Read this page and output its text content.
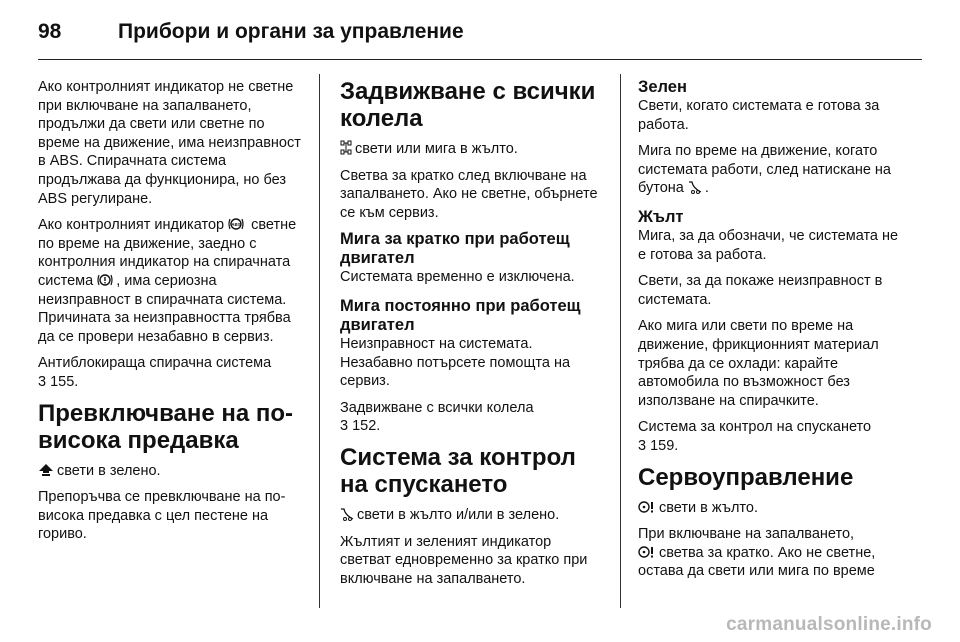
98	Прибори и органи за управление

Ако контролният индикатор не светне при включване на запалването, продължи да свети или светне по време на движение, има неизправност в ABS. Спирачната система продължава да функционира, но без ABS регулиране.

Ако контролният индикатор ABS светне по време на движение, заедно с контролния индикатор на спирачната система , има сериозна неизправност в спирачната система. Причината за неизправността трябва да се провери незабавно в сервиз.

Антиблокираща спирачна система
3 155.

Превключване на по-висока предавка

свети в зелено.

Препоръчва се превключване на по-висока предавка с цел пестене на гориво.

Задвижване с всички колела

свети или мига в жълто.

Светва за кратко след включване на запалването. Ако не светне, обърнете се към сервиз.

Мига за кратко при работещ двигател

Системата временно е изключена.

Мига постоянно при работещ двигател

Неизправност на системата. Незабавно потърсете помощта на сервиз.

Задвижване с всички колела
3 152.

Система за контрол на спускането

свети в жълто и/или в зелено.

Жълтият и зеленият индикатор светват едновременно за кратко при включване на запалването.

Зелен

Свети, когато системата е готова за работа.

Мига по време на движение, когато системата работи, след натискане на бутона .

Жълт

Мига, за да обозначи, че системата не е готова за работа.

Свети, за да покаже неизправност в системата.

Ако мига или свети по време на движение, фрикционният материал трябва да се охлади: карайте автомобила по възможност без използване на спирачките.

Система за контрол на спускането
3 159.

Сервоуправление

свети в жълто.

При включване на запалването,
светва за кратко. Ако не светне, остава да свети или мига по време

carmanualsonline.info
